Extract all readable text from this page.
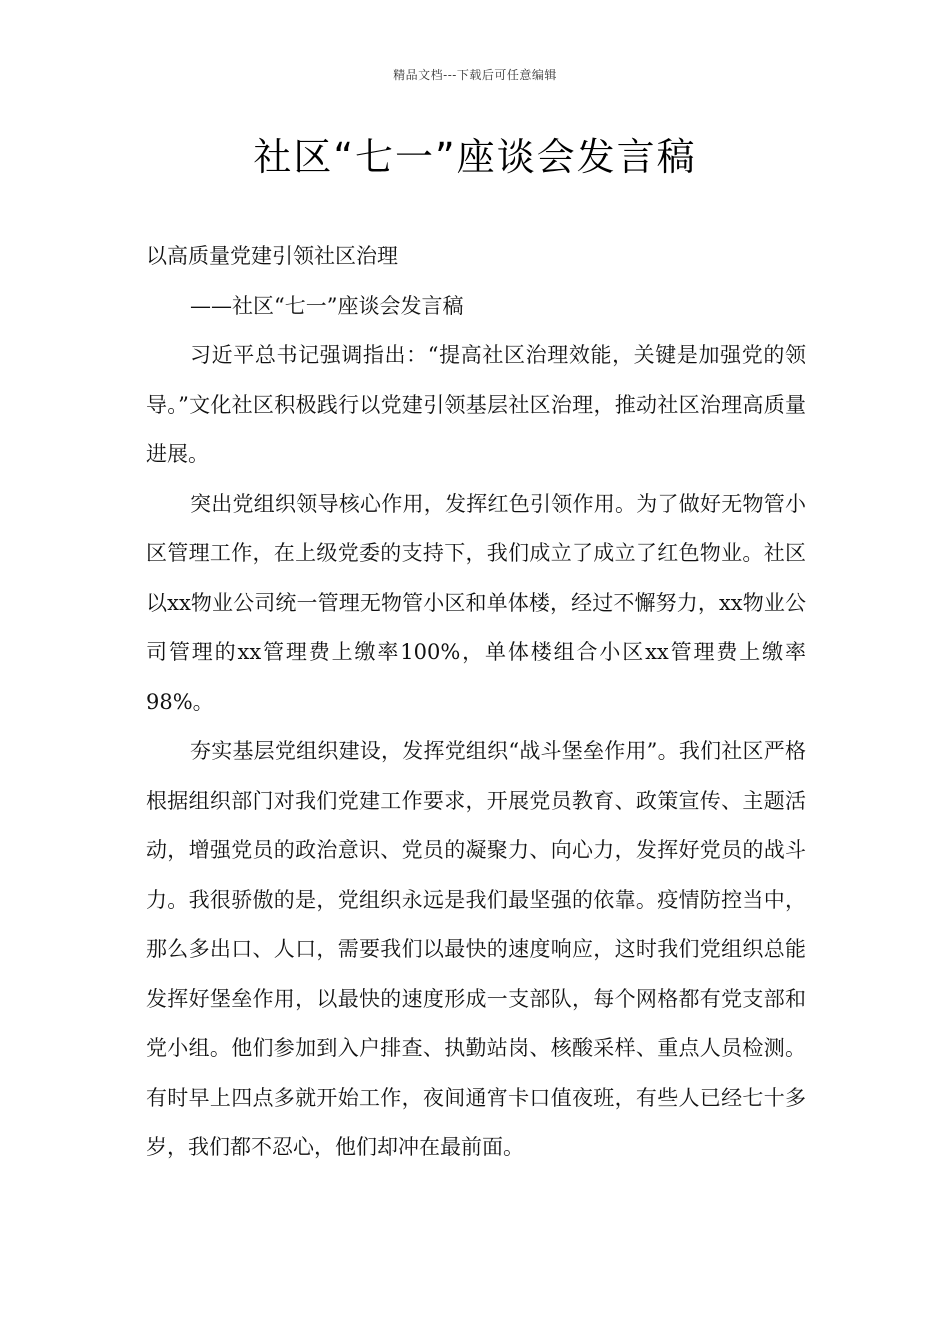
精品文档---下载后可任意编辑
社区“七一”座谈会发言稿

以高质量党建引领社区治理

——社区“七一”座谈会发言稿

习近平总书记强调指出：“提高社区治理效能，关键是加强党的领导。”文化社区积极践行以党建引领基层社区治理，推动社区治理高质量进展。

突出党组织领导核心作用，发挥红色引领作用。为了做好无物管小区管理工作，在上级党委的支持下，我们成立了成立了红色物业。社区以xx物业公司统一管理无物管小区和单体楼，经过不懈努力，xx物业公司管理的xx管理费上缴率100%，单体楼组合小区xx管理费上缴率98%。

夯实基层党组织建设，发挥党组织“战斗堡垒作用”。我们社区严格根据组织部门对我们党建工作要求，开展党员教育、政策宣传、主题活动，增强党员的政治意识、党员的凝聚力、向心力，发挥好党员的战斗力。我很骄傲的是，党组织永远是我们最坚强的依靠。疫情防控当中，那么多出口、人口，需要我们以最快的速度响应，这时我们党组织总能发挥好堡垒作用，以最快的速度形成一支部队，每个网格都有党支部和党小组。他们参加到入户排查、执勤站岗、核酸采样、重点人员检测。有时早上四点多就开始工作，夜间通宵卡口值夜班，有些人已经七十多岁，我们都不忍心，他们却冲在最前面。
